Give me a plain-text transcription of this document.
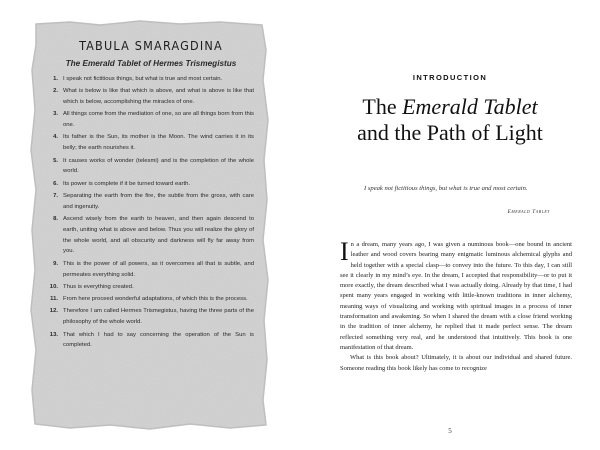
TABULA SMARAGDINA
The Emerald Tablet of Hermes Trismegistus
1. I speak not fictitious things, but what is true and most certain.
2. What is below is like that which is above, and what is above is like that which is below, accomplishing the miracles of one.
3. All things come from the mediation of one, so are all things born from this one.
4. Its father is the Sun, its mother is the Moon. The wind carries it in its belly; the earth nourishes it.
5. It causes works of wonder (telesmi) and is the completion of the whole world.
6. Its power is complete if it be turned toward earth.
7. Separating the earth from the fire, the subtle from the gross, with care and ingenuity.
8. Ascend wisely from the earth to heaven, and then again descend to earth, uniting what is above and below. Thus you will realize the glory of the whole world, and all obscurity and darkness will fly far away from you.
9. This is the power of all powers, as it overcomes all that is subtle, and permeates everything solid.
10. Thus is everything created.
11. From here proceed wonderful adaptations, of which this is the process.
12. Therefore I am called Hermes Trismegistus, having the three parts of the philosophy of the whole world.
13. That which I had to say concerning the operation of the Sun is completed.
INTRODUCTION
The Emerald Tablet
and the Path of Light
I speak not fictitious things, but what is true and most certain.
Emerald Tablet

In a dream, many years ago, I was given a numinous book—one bound in ancient leather and wood covers bearing many enigmatic luminous alchemical glyphs and held together with a special clasp—to convey into the future. To this day, I can still see it clearly in my mind’s eye. In the dream, I accepted that responsibility—or to put it more exactly, the dream described what I was actually doing. Already by that time, I had spent many years engaged in working with little-known traditions in inner alchemy, meaning ways of visualizing and working with spiritual images in a process of inner transformation and awakening. So when I shared the dream with a close friend working in the tradition of inner alchemy, he replied that it made perfect sense. The dream reflected something very real, and he understood that intuitively. This book is one manifestation of that dream.

What is this book about? Ultimately, it is about our individual and shared future. Someone reading this book likely has come to recognize

5
